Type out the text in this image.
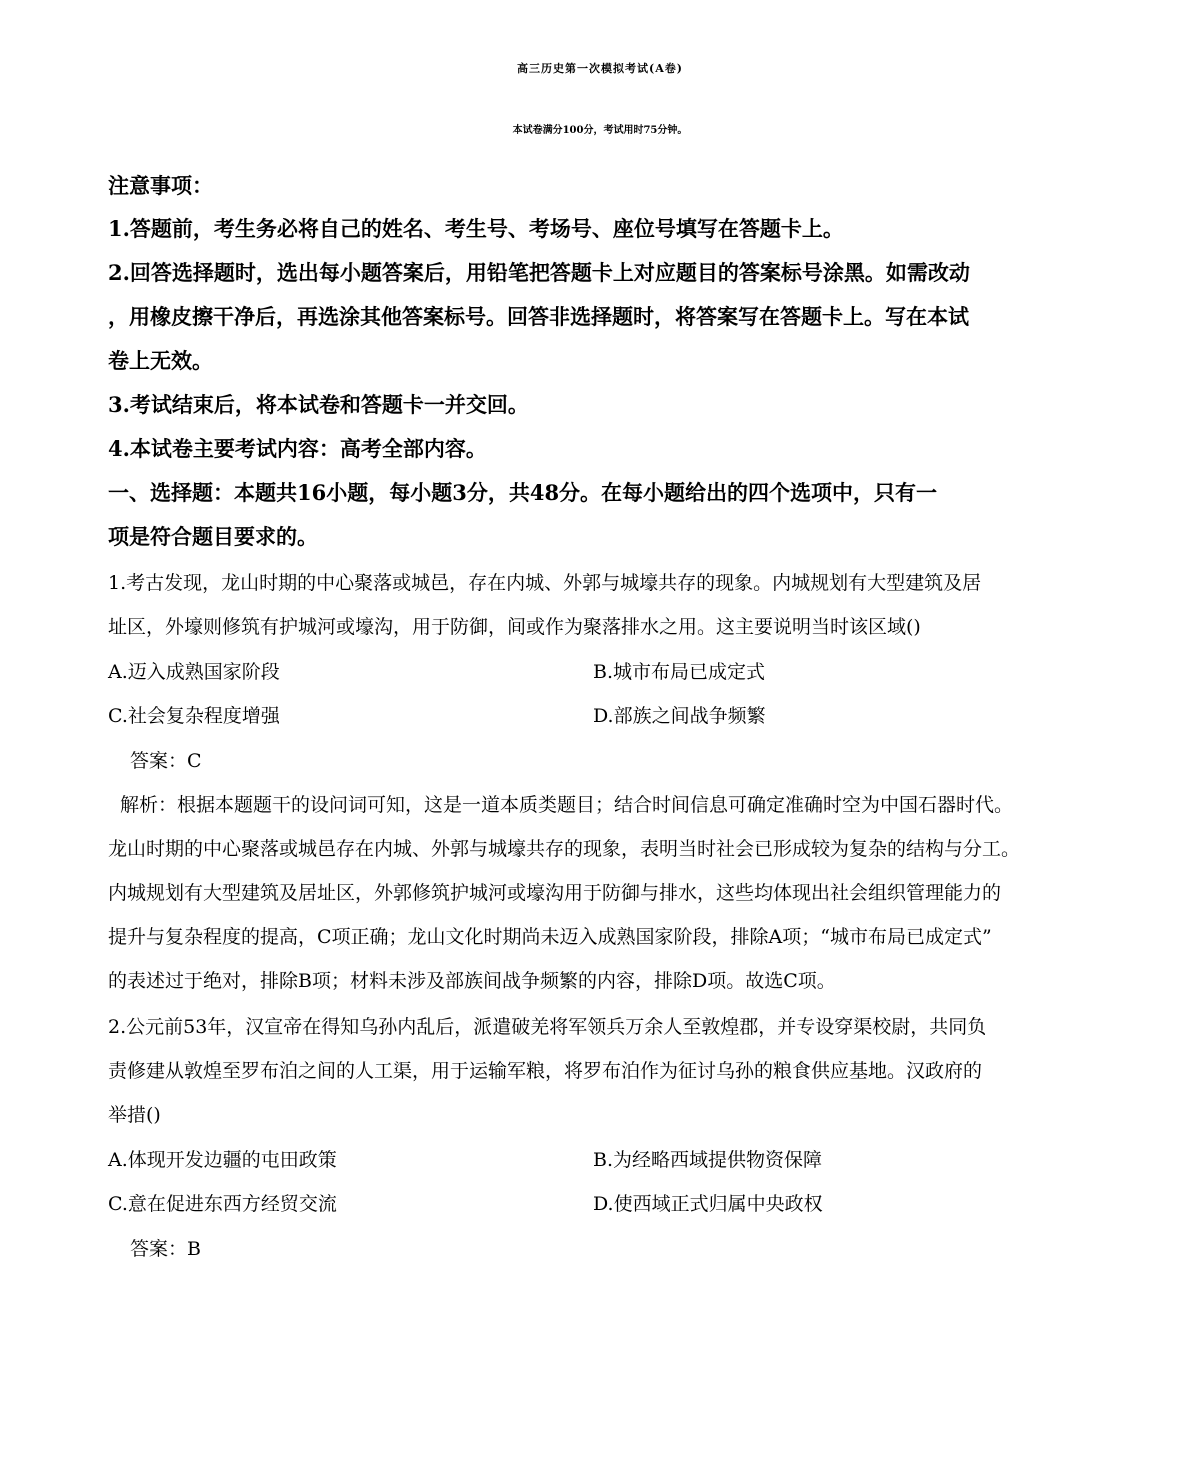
高三历史第一次模拟考试(A卷)
本试卷满分100分，考试用时75分钟。
注意事项：
1.答题前，考生务必将自己的姓名、考生号、考场号、座位号填写在答题卡上。
2.回答选择题时，选出每小题答案后，用铅笔把答题卡上对应题目的答案标号涂黑。如需改动
，用橡皮擦干净后，再选涂其他答案标号。回答非选择题时，将答案写在答题卡上。写在本试
卷上无效。
3.考试结束后，将本试卷和答题卡一并交回。
4.本试卷主要考试内容：高考全部内容。
一、选择题：本题共16小题，每小题3分，共48分。在每小题给出的四个选项中，只有一
项是符合题目要求的。
1.考古发现，龙山时期的中心聚落或城邑，存在内城、外郭与城壕共存的现象。内城规划有大型建筑及居
址区，外壕则修筑有护城河或壕沟，用于防御，间或作为聚落排水之用。这主要说明当时该区域()
A.迈入成熟国家阶段	B.城市布局已成定式
C.社会复杂程度增强	D.部族之间战争频繁
答案：C
解析：根据本题题干的设问词可知，这是一道本质类题目；结合时间信息可确定准确时空为中国石器时代。
龙山时期的中心聚落或城邑存在内城、外郭与城壕共存的现象，表明当时社会已形成较为复杂的结构与分工。
内城规划有大型建筑及居址区，外郭修筑护城河或壕沟用于防御与排水，这些均体现出社会组织管理能力的
提升与复杂程度的提高，C项正确；龙山文化时期尚未迈入成熟国家阶段，排除A项；“城市布局已成定式”
的表述过于绝对，排除B项；材料未涉及部族间战争频繁的内容，排除D项。故选C项。
2.公元前53年，汉宣帝在得知乌孙内乱后，派遣破羌将军领兵万余人至敦煌郡，并专设穿渠校尉，共同负
责修建从敦煌至罗布泊之间的人工渠，用于运输军粮，将罗布泊作为征讨乌孙的粮食供应基地。汉政府的
举措()
A.体现开发边疆的屯田政策	B.为经略西域提供物资保障
C.意在促进东西方经贸交流	D.使西域正式归属中央政权
答案：B
